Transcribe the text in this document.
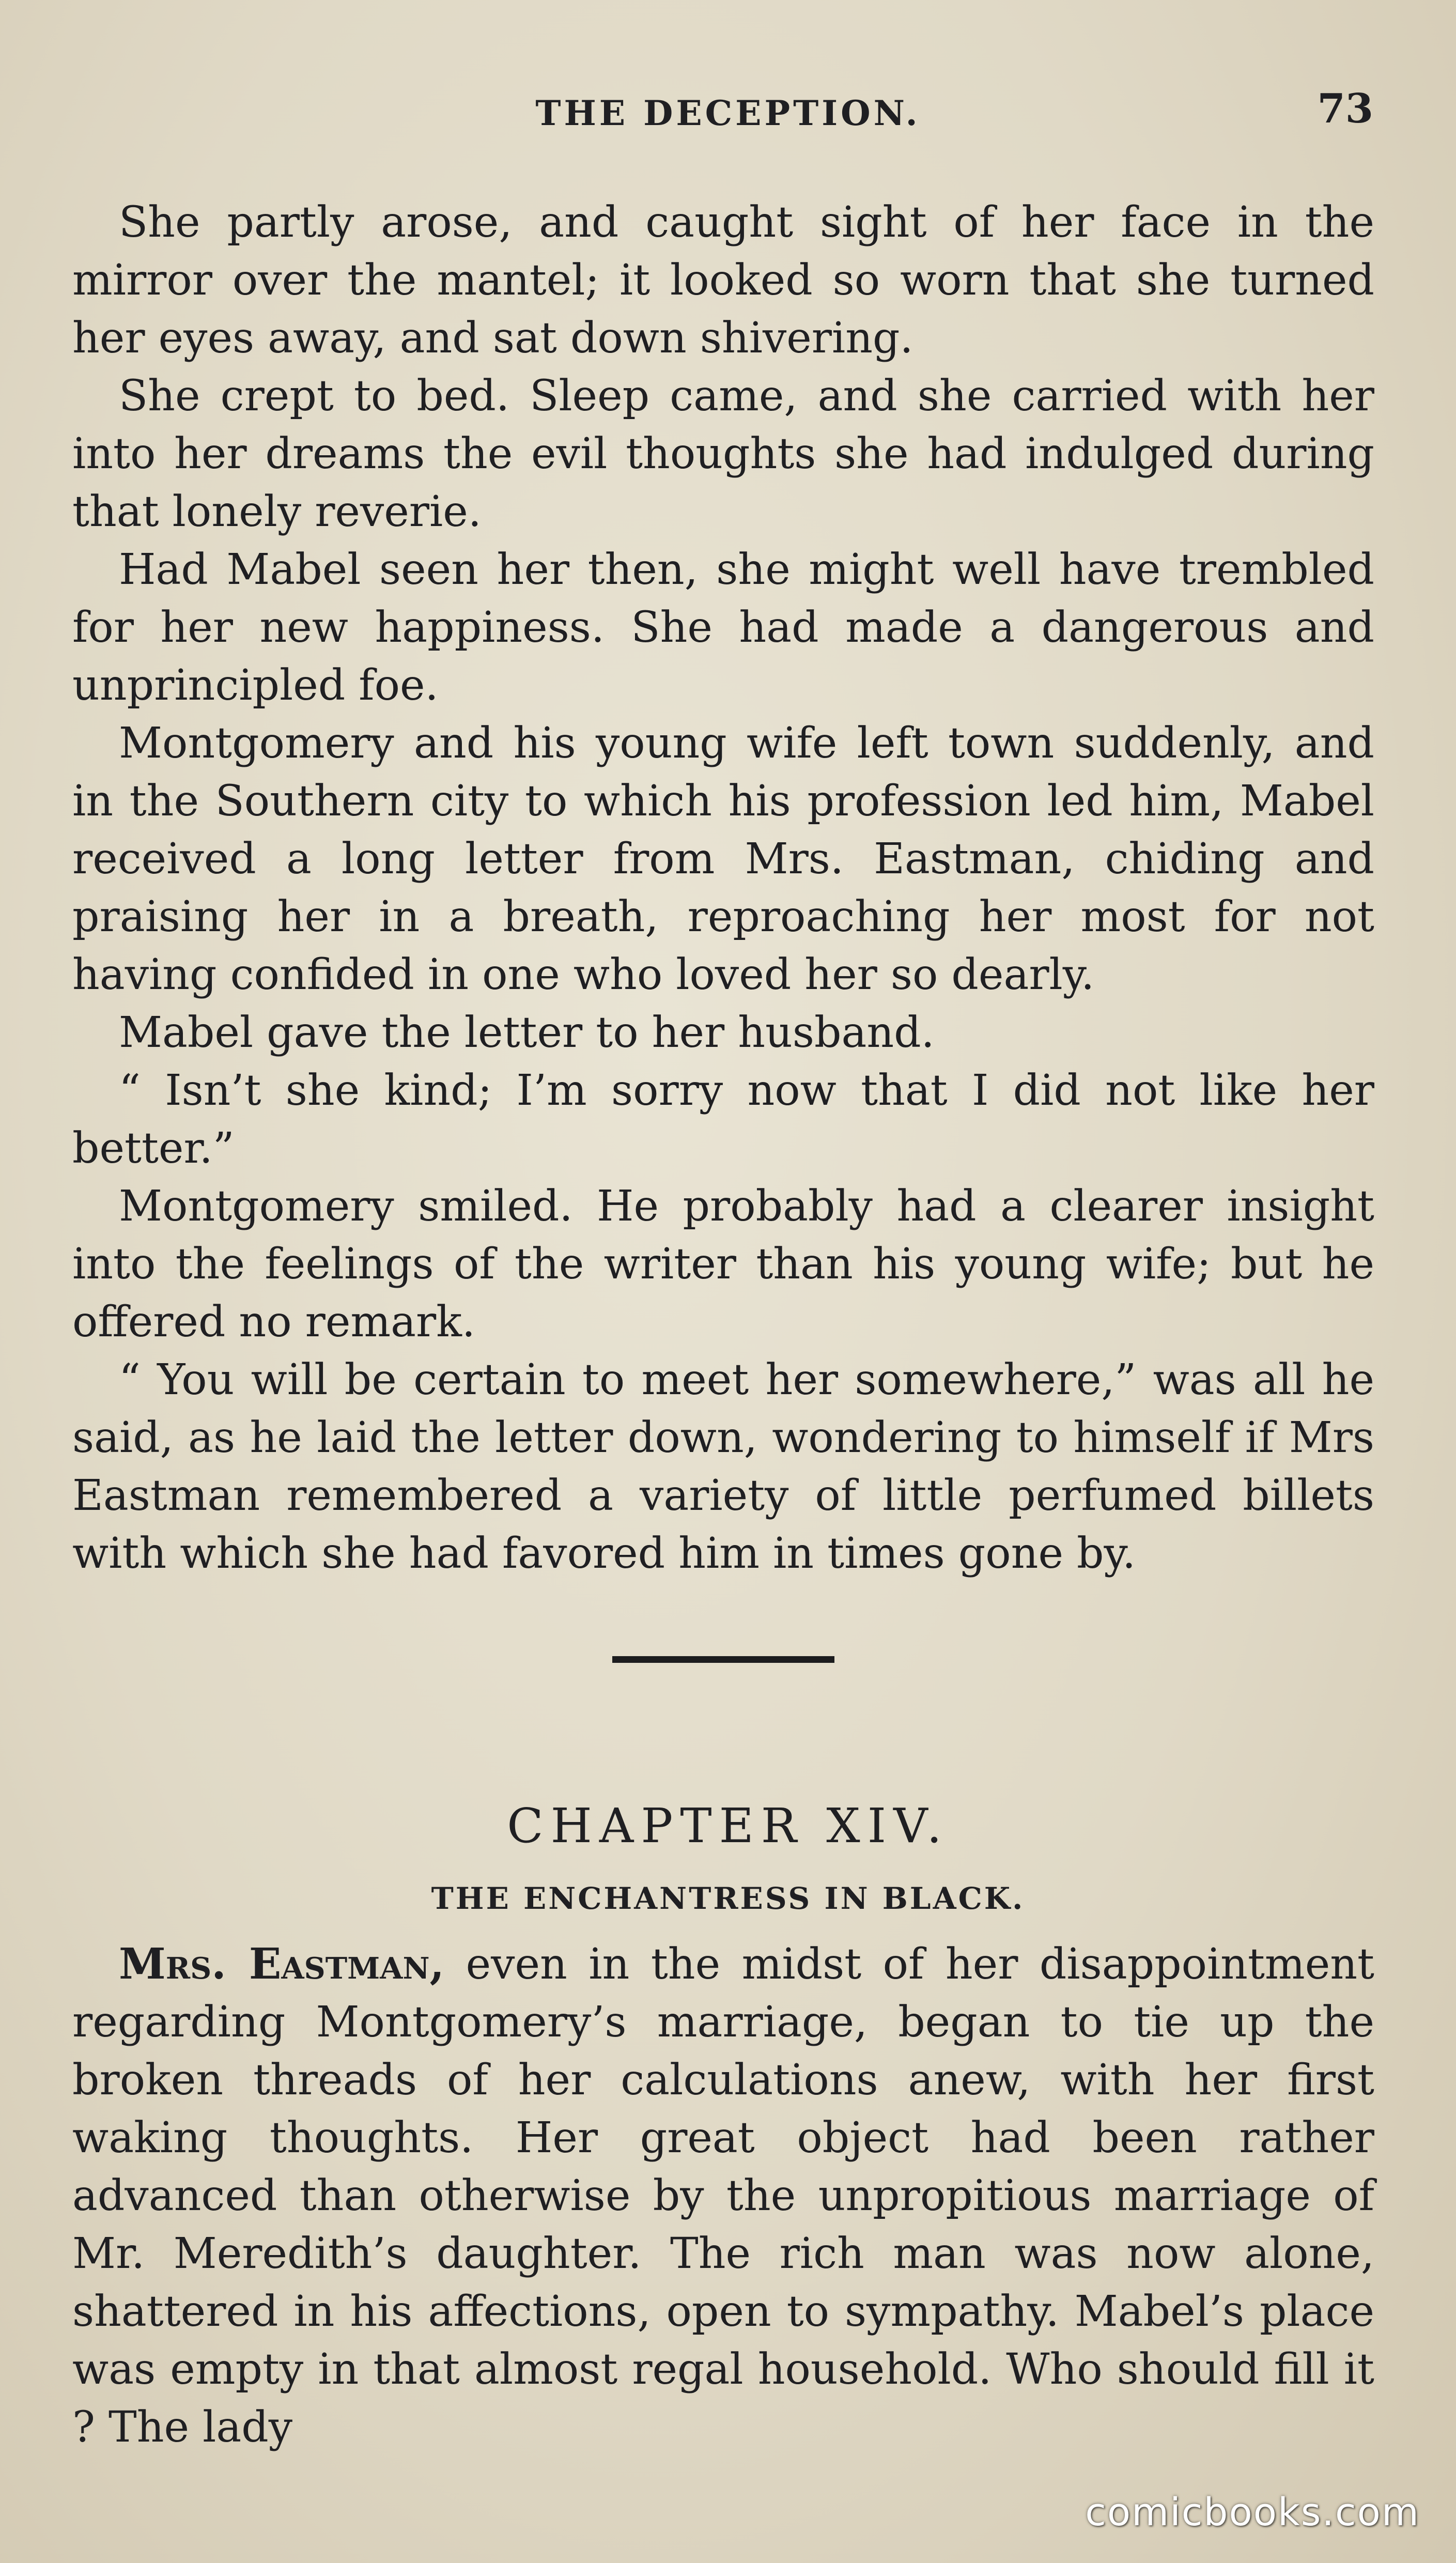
THE DECEPTION.	73

She partly arose, and caught sight of her face in the mirror over the mantel; it looked so worn that she turned her eyes away, and sat down shivering.

She crept to bed. Sleep came, and she carried with her into her dreams the evil thoughts she had indulged during that lonely reverie.

Had Mabel seen her then, she might well have trembled for her new happiness. She had made a dangerous and unprincipled foe.

Montgomery and his young wife left town suddenly, and in the Southern city to which his profession led him, Mabel received a long letter from Mrs. Eastman, chiding and praising her in a breath, reproaching her most for not having confided in one who loved her so dearly.

Mabel gave the letter to her husband.

“ Isn’t she kind; I’m sorry now that I did not like her better.”

Montgomery smiled. He probably had a clearer insight into the feelings of the writer than his young wife; but he offered no remark.

“ You will be certain to meet her somewhere,” was all he said, as he laid the letter down, wondering to himself if Mrs Eastman remembered a variety of little perfumed billets with which she had favored him in times gone by.

CHAPTER XIV.
THE ENCHANTRESS IN BLACK.

Mrs. Eastman, even in the midst of her disappointment regarding Montgomery’s marriage, began to tie up the broken threads of her calculations anew, with her first waking thoughts. Her great object had been rather advanced than otherwise by the unpropitious marriage of Mr. Meredith’s daughter. The rich man was now alone, shattered in his affections, open to sympathy. Mabel’s place was empty in that almost regal household. Who should fill it ? The lady

comicbooks.com
